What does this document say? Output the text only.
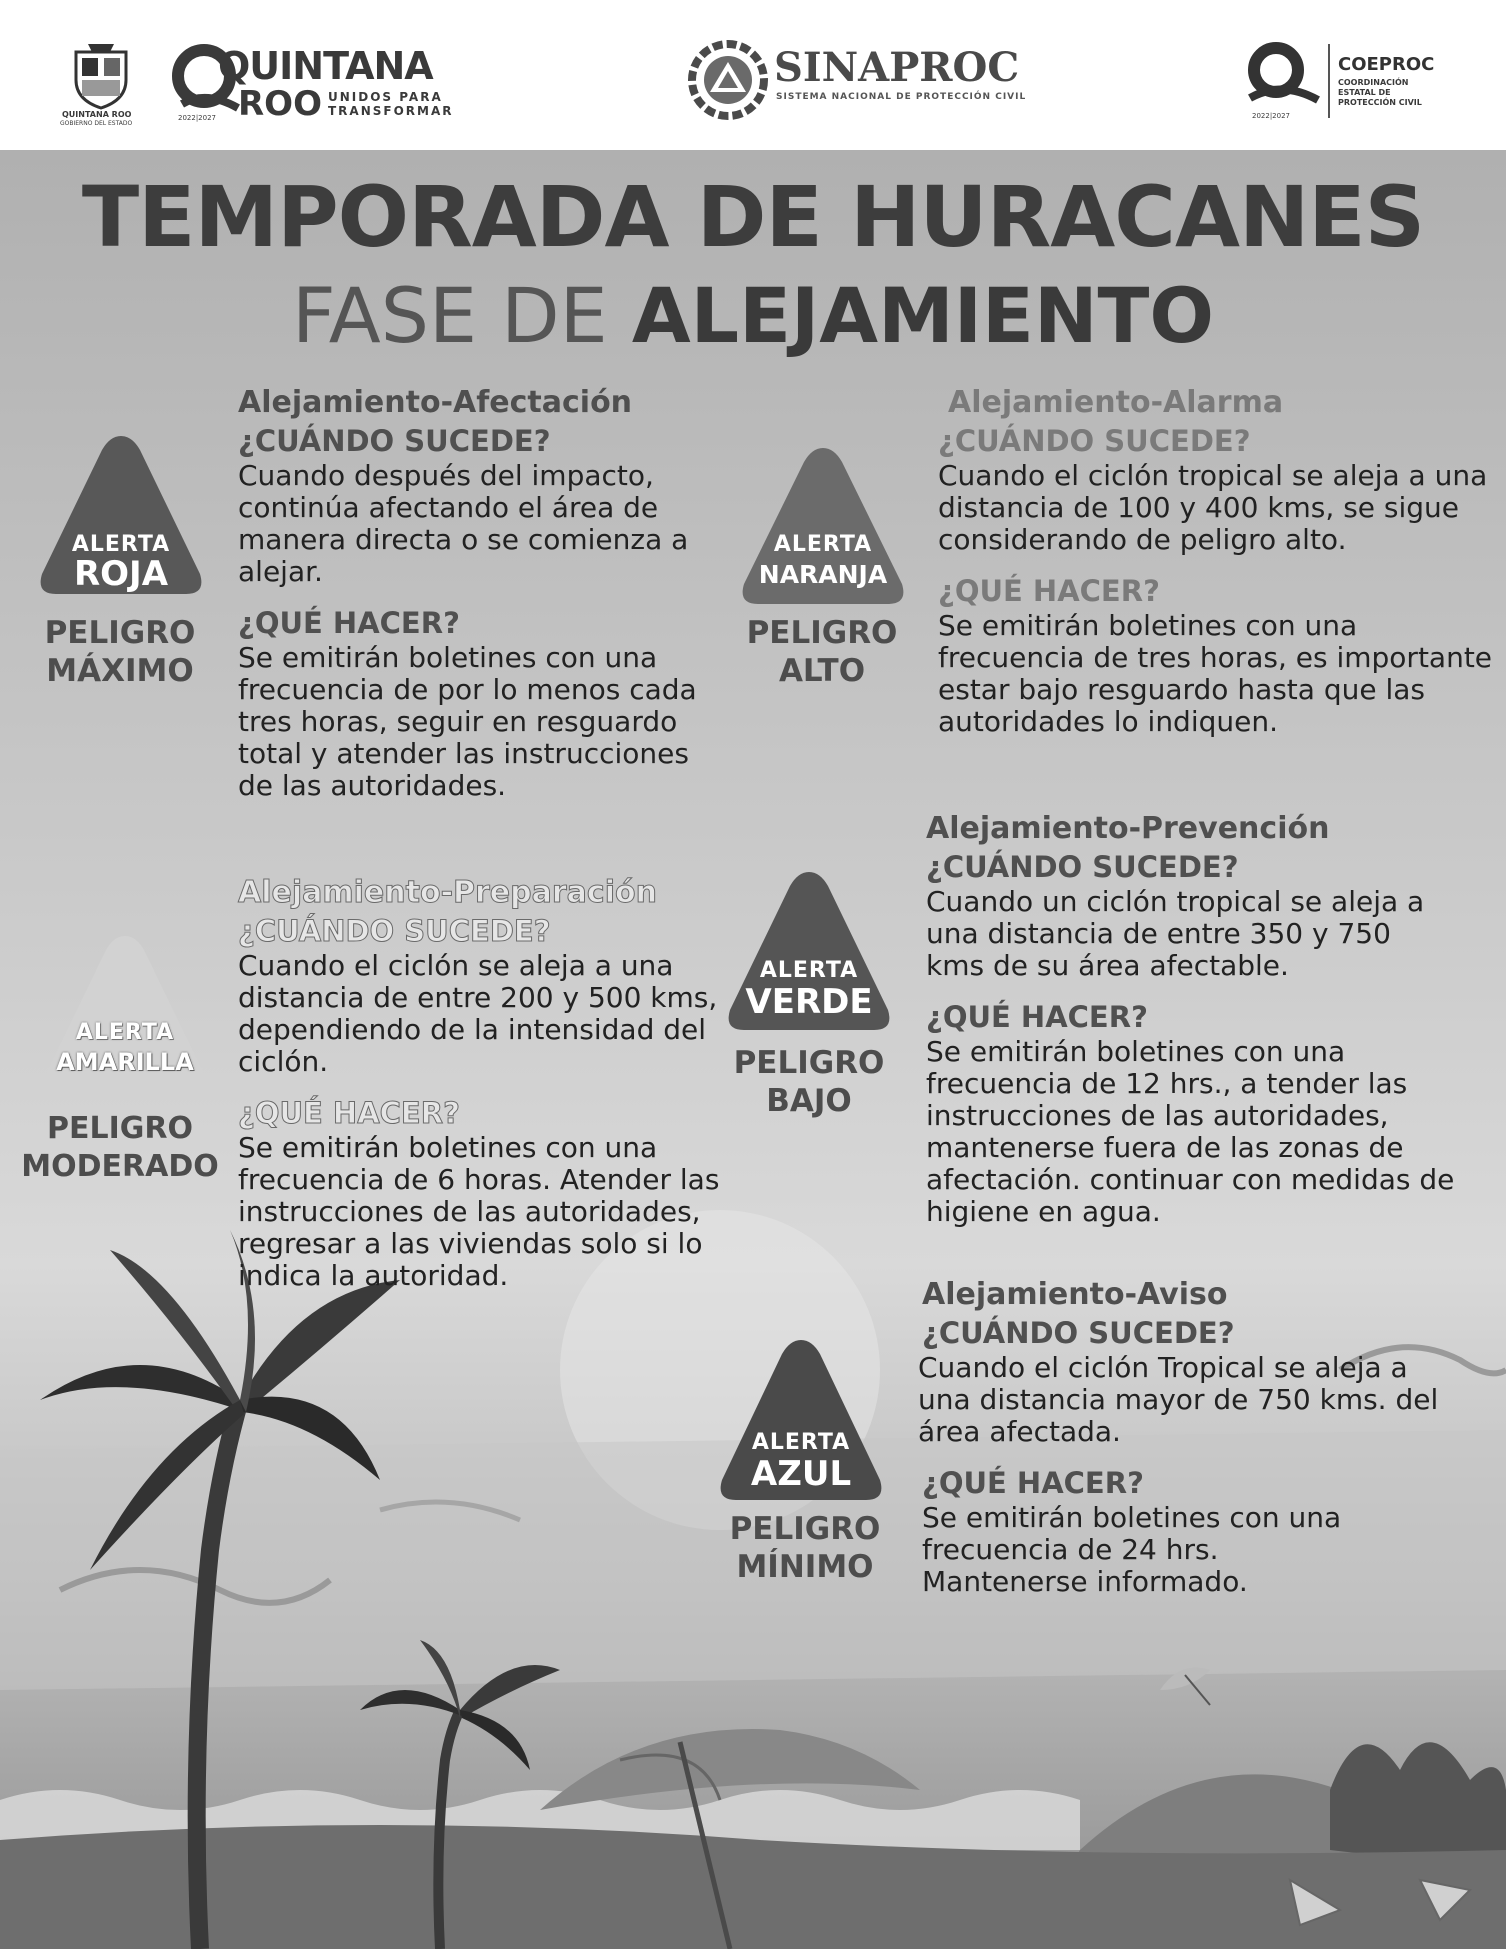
QUINTANA ROO
GOBIERNO DEL ESTADO
QUINTANA
ROO UNIDOS PARA
TRANSFORMAR
2022|2027
SINAPROC
SISTEMA NACIONAL DE PROTECCIÓN CIVIL
2022|2027
COEPROC
COORDINACIÓN
ESTATAL DE
PROTECCIÓN CIVIL
TEMPORADA DE HURACANES
FASE DE ALEJAMIENTO
ALERTA
ROJA
PELIGRO
MÁXIMO
Alejamiento-Afectación
¿CUÁNDO SUCEDE?
Cuando después del impacto, continúa afectando el área de manera directa o se comienza a alejar.
¿QUÉ HACER?
Se emitirán boletines con una frecuencia de por lo menos cada tres horas, seguir en resguardo total y atender las instrucciones de las autoridades.
ALERTA
NARANJA
PELIGRO
ALTO
Alejamiento-Alarma
¿CUÁNDO SUCEDE?
Cuando el ciclón tropical se aleja a una distancia de 100 y 400 kms, se sigue considerando de peligro alto.
¿QUÉ HACER?
Se emitirán boletines con una frecuencia de tres horas, es importante estar bajo resguardo hasta que las autoridades lo indiquen.
ALERTA
AMARILLA
PELIGRO
MODERADO
Alejamiento-Preparación
¿CUÁNDO SUCEDE?
Cuando el ciclón se aleja a una distancia de entre 200 y 500 kms, dependiendo de la intensidad del ciclón.
¿QUÉ HACER?
Se emitirán boletines con una frecuencia de 6 horas. Atender las instrucciones de las autoridades, regresar a las viviendas solo si lo indica la autoridad.
ALERTA
VERDE
PELIGRO
BAJO
Alejamiento-Prevención
¿CUÁNDO SUCEDE?
Cuando un ciclón tropical se aleja a una distancia de entre 350 y 750 kms de su área afectable.
¿QUÉ HACER?
Se emitirán boletines con una frecuencia de 12 hrs., a tender las instrucciones de las autoridades, mantenerse fuera de las zonas de afectación. continuar con medidas de higiene en agua.
ALERTA
AZUL
PELIGRO
MÍNIMO
Alejamiento-Aviso
¿CUÁNDO SUCEDE?
Cuando el ciclón Tropical se aleja a una distancia mayor de 750 kms. del área afectada.
¿QUÉ HACER?
Se emitirán boletines con una frecuencia de 24 hrs. Mantenerse informado.
